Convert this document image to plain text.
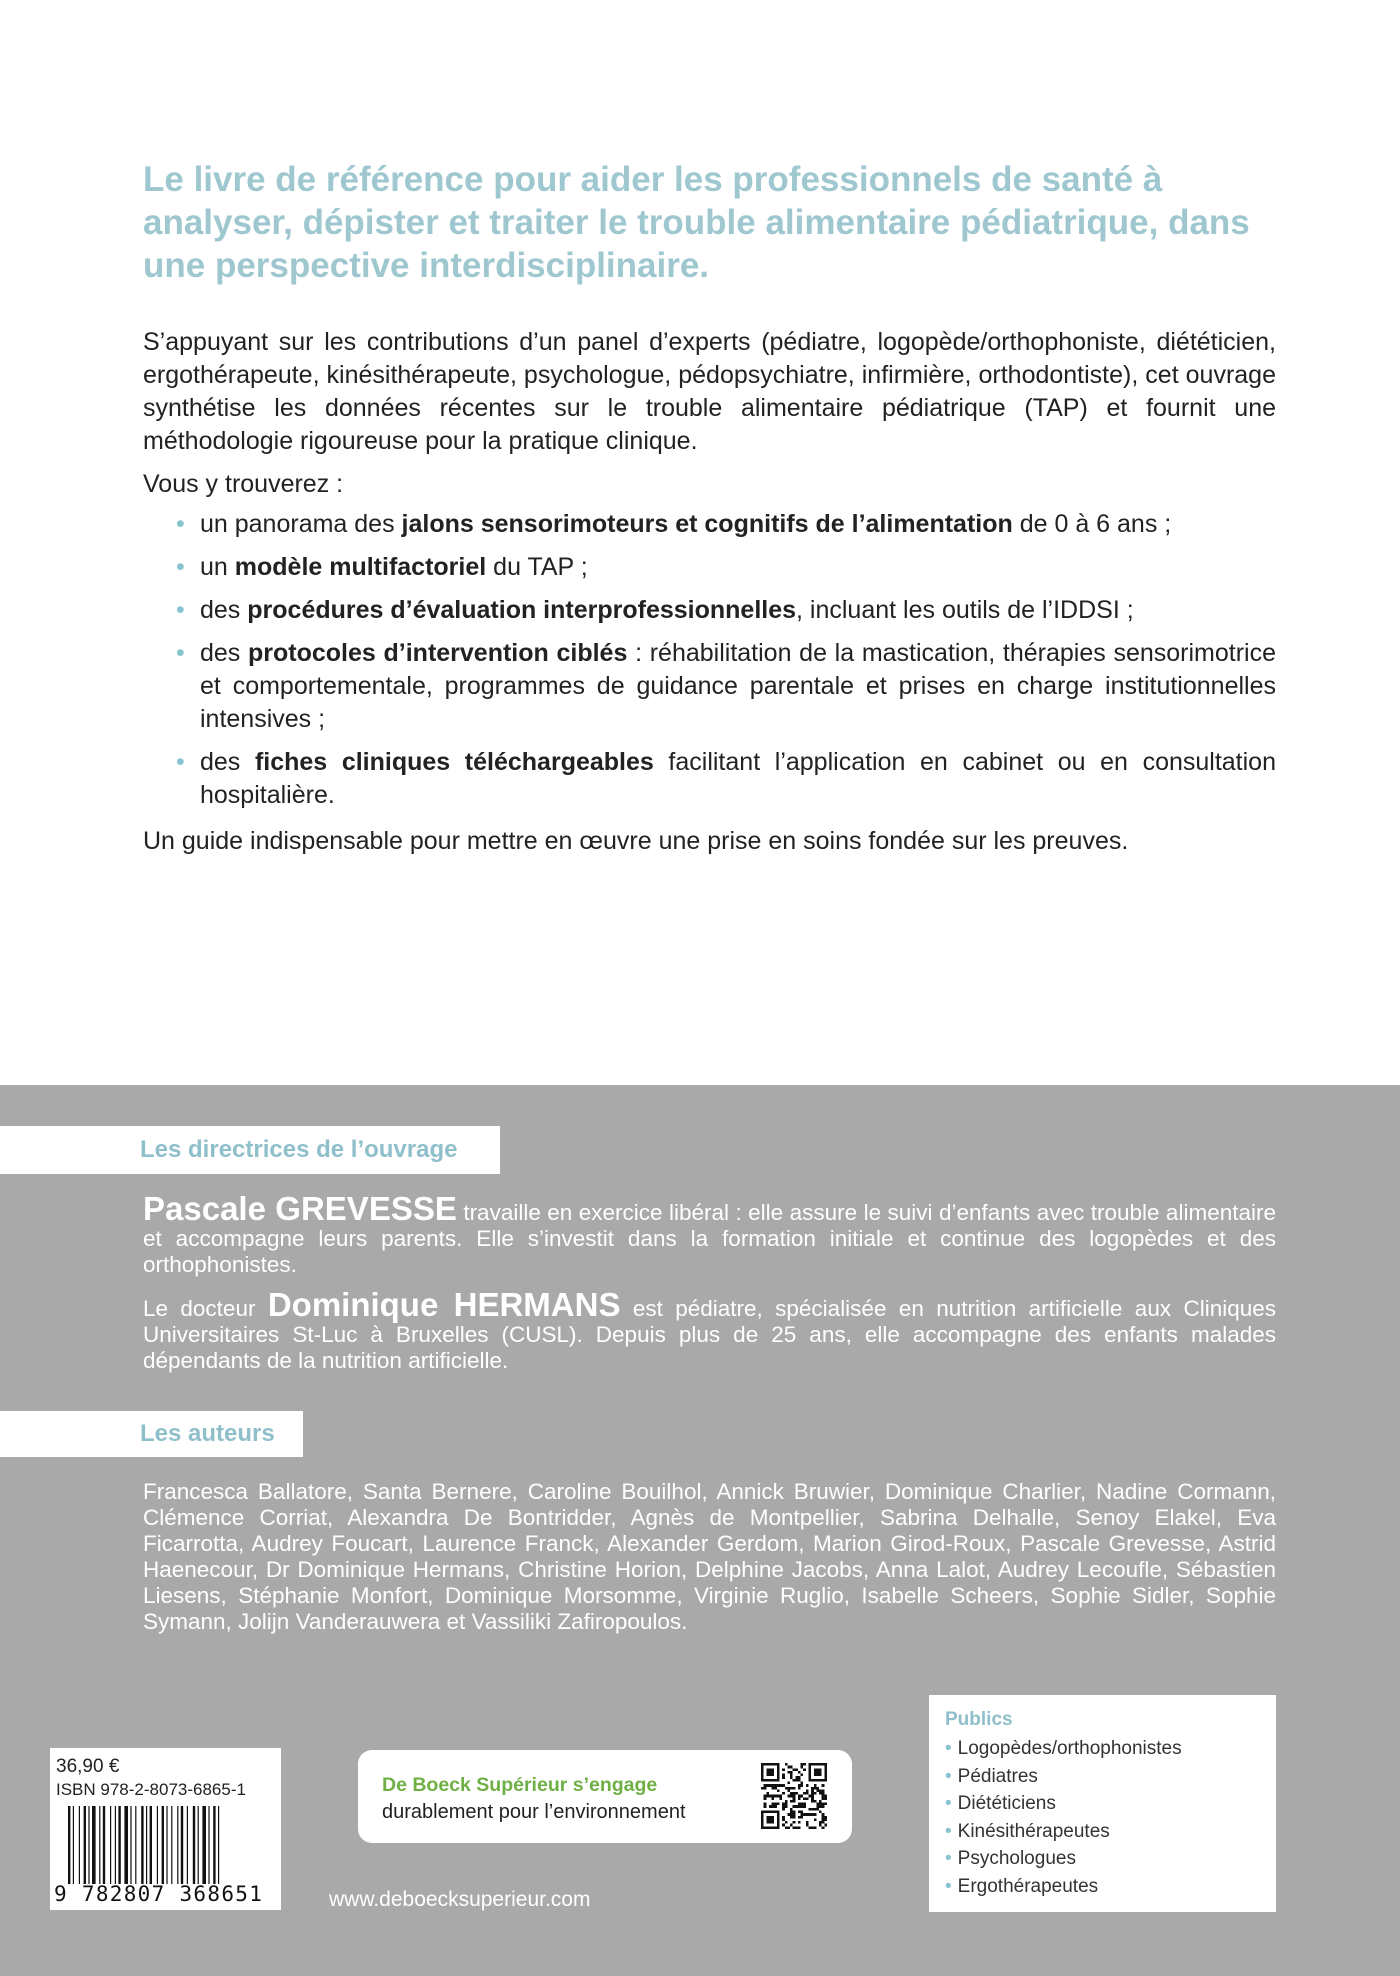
Le livre de référence pour aider les professionnels de santé à analyser, dépister et traiter le trouble alimentaire pédiatrique, dans une perspective interdisciplinaire.

S’appuyant sur les contributions d’un panel d’experts (pédiatre, logopède/orthophoniste, diététicien, ergothérapeute, kinésithérapeute, psychologue, pédopsychiatre, infirmière, orthodontiste), cet ouvrage synthétise les données récentes sur le trouble alimentaire pédiatrique (TAP) et fournit une méthodologie rigoureuse pour la pratique clinique.

Vous y trouverez :

• un panorama des jalons sensorimoteurs et cognitifs de l’alimentation de 0 à 6 ans ;
• un modèle multifactoriel du TAP ;
• des procédures d’évaluation interprofessionnelles, incluant les outils de l’IDDSI ;
• des protocoles d’intervention ciblés : réhabilitation de la mastication, thérapies sensorimotrice et comportementale, programmes de guidance parentale et prises en charge institutionnelles intensives ;
• des fiches cliniques téléchargeables facilitant l’application en cabinet ou en consultation hospitalière.

Un guide indispensable pour mettre en œuvre une prise en soins fondée sur les preuves.

Les directrices de l’ouvrage

Pascale GREVESSE travaille en exercice libéral : elle assure le suivi d’enfants avec trouble alimentaire et accompagne leurs parents. Elle s’investit dans la formation initiale et continue des logopèdes et des orthophonistes.

Le docteur Dominique HERMANS est pédiatre, spécialisée en nutrition artificielle aux Cliniques Universitaires St-Luc à Bruxelles (CUSL). Depuis plus de 25 ans, elle accompagne des enfants malades dépendants de la nutrition artificielle.

Les auteurs

Francesca Ballatore, Santa Bernere, Caroline Bouilhol, Annick Bruwier, Dominique Charlier, Nadine Cormann, Clémence Corriat, Alexandra De Bontridder, Agnès de Montpellier, Sabrina Delhalle, Senoy Elakel, Eva Ficarrotta, Audrey Foucart, Laurence Franck, Alexander Gerdom, Marion Girod-Roux, Pascale Grevesse, Astrid Haenecour, Dr Dominique Hermans, Christine Horion, Delphine Jacobs, Anna Lalot, Audrey Lecoufle, Sébastien Liesens, Stéphanie Monfort, Dominique Morsomme, Virginie Ruglio, Isabelle Scheers, Sophie Sidler, Sophie Symann, Jolijn Vanderauwera et Vassiliki Zafiropoulos.

36,90 €
ISBN 978-2-8073-6865-1
9 782807 368651
De Boeck Supérieur s’engage
durablement pour l’environnement
www.deboecksuperieur.com
Publics
• Logopèdes/orthophonistes
• Pédiatres
• Diététiciens
• Kinésithérapeutes
• Psychologues
• Ergothérapeutes
